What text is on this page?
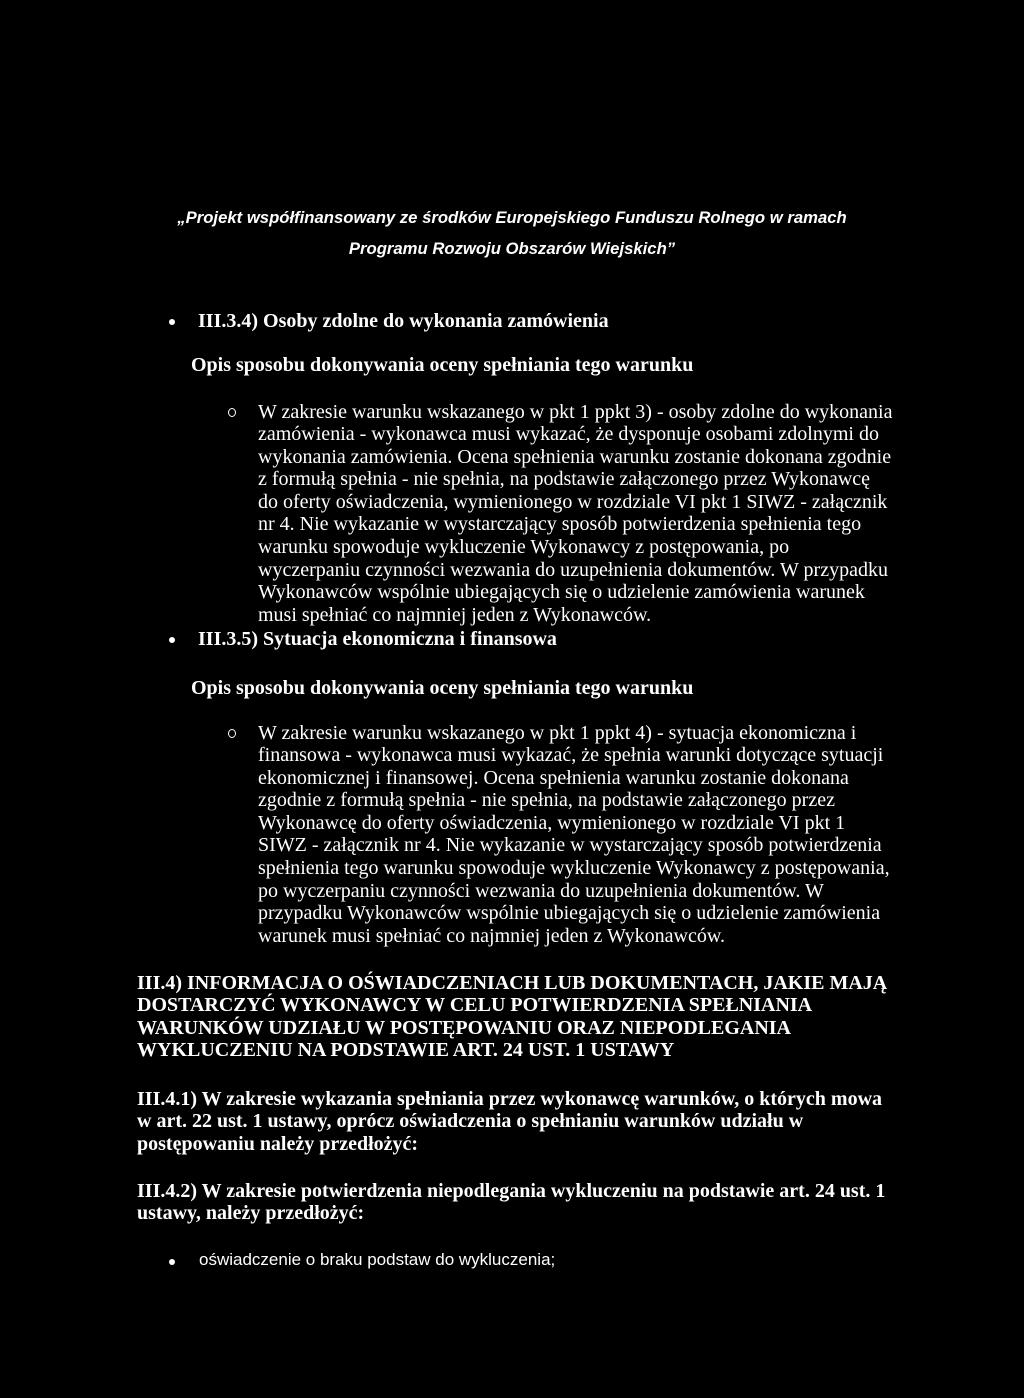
„Projekt współfinansowany ze środków Europejskiego Funduszu Rolnego w ramach
Programu Rozwoju Obszarów Wiejskich”
III.3.4) Osoby zdolne do wykonania zamówienia
Opis sposobu dokonywania oceny spełniania tego warunku
W zakresie warunku wskazanego w pkt 1 ppkt 3) - osoby zdolne do wykonania
zamówienia - wykonawca musi wykazać, że dysponuje osobami zdolnymi do
wykonania zamówienia. Ocena spełnienia warunku zostanie dokonana zgodnie
z formułą spełnia - nie spełnia, na podstawie załączonego przez Wykonawcę
do oferty oświadczenia, wymienionego w rozdziale VI pkt 1 SIWZ - załącznik
nr 4. Nie wykazanie w wystarczający sposób potwierdzenia spełnienia tego
warunku spowoduje wykluczenie Wykonawcy z postępowania, po
wyczerpaniu czynności wezwania do uzupełnienia dokumentów. W przypadku
Wykonawców wspólnie ubiegających się o udzielenie zamówienia warunek
musi spełniać co najmniej jeden z Wykonawców.
III.3.5) Sytuacja ekonomiczna i finansowa
Opis sposobu dokonywania oceny spełniania tego warunku
W zakresie warunku wskazanego w pkt 1 ppkt 4) - sytuacja ekonomiczna i
finansowa - wykonawca musi wykazać, że spełnia warunki dotyczące sytuacji
ekonomicznej i finansowej. Ocena spełnienia warunku zostanie dokonana
zgodnie z formułą spełnia - nie spełnia, na podstawie załączonego przez
Wykonawcę do oferty oświadczenia, wymienionego w rozdziale VI pkt 1
SIWZ - załącznik nr 4. Nie wykazanie w wystarczający sposób potwierdzenia
spełnienia tego warunku spowoduje wykluczenie Wykonawcy z postępowania,
po wyczerpaniu czynności wezwania do uzupełnienia dokumentów. W
przypadku Wykonawców wspólnie ubiegających się o udzielenie zamówienia
warunek musi spełniać co najmniej jeden z Wykonawców.
III.4) INFORMACJA O OŚWIADCZENIACH LUB DOKUMENTACH, JAKIE MAJĄ
DOSTARCZYĆ WYKONAWCY W CELU POTWIERDZENIA SPEŁNIANIA
WARUNKÓW UDZIAŁU W POSTĘPOWANIU ORAZ NIEPODLEGANIA
WYKLUCZENIU NA PODSTAWIE ART. 24 UST. 1 USTAWY
III.4.1) W zakresie wykazania spełniania przez wykonawcę warunków, o których mowa
w art. 22 ust. 1 ustawy, oprócz oświadczenia o spełnianiu warunków udziału w
postępowaniu należy przedłożyć:
III.4.2) W zakresie potwierdzenia niepodlegania wykluczeniu na podstawie art. 24 ust. 1
ustawy, należy przedłożyć:
oświadczenie o braku podstaw do wykluczenia;
